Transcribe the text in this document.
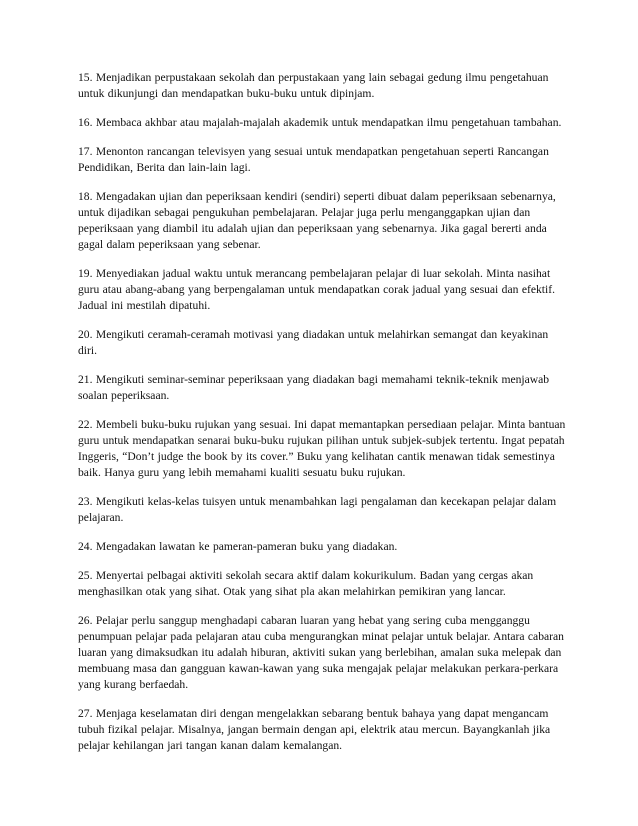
15. Menjadikan perpustakaan sekolah dan perpustakaan yang lain sebagai gedung ilmu pengetahuan untuk dikunjungi dan mendapatkan buku-buku untuk dipinjam.

16. Membaca akhbar atau majalah-majalah akademik untuk mendapatkan ilmu pengetahuan tambahan.

17. Menonton rancangan televisyen yang sesuai untuk mendapatkan pengetahuan seperti Rancangan Pendidikan, Berita dan lain-lain lagi.

18. Mengadakan ujian dan peperiksaan kendiri (sendiri) seperti dibuat dalam peperiksaan sebenarnya, untuk dijadikan sebagai pengukuhan pembelajaran. Pelajar juga perlu menganggapkan ujian dan peperiksaan yang diambil itu adalah ujian dan peperiksaan yang sebenarnya. Jika gagal bererti anda gagal dalam peperiksaan yang sebenar.

19. Menyediakan jadual waktu untuk merancang pembelajaran pelajar di luar sekolah. Minta nasihat guru atau abang-abang yang berpengalaman untuk mendapatkan corak jadual yang sesuai dan efektif. Jadual ini mestilah dipatuhi.

20. Mengikuti ceramah-ceramah motivasi yang diadakan untuk melahirkan semangat dan keyakinan diri.

21. Mengikuti seminar-seminar peperiksaan yang diadakan bagi memahami teknik-teknik menjawab soalan peperiksaan.

22. Membeli buku-buku rujukan yang sesuai. Ini dapat memantapkan persediaan pelajar. Minta bantuan guru untuk mendapatkan senarai buku-buku rujukan pilihan untuk subjek-subjek tertentu. Ingat pepatah Inggeris, “Don’t judge the book by its cover.” Buku yang kelihatan cantik menawan tidak semestinya baik. Hanya guru yang lebih memahami kualiti sesuatu buku rujukan.

23. Mengikuti kelas-kelas tuisyen untuk menambahkan lagi pengalaman dan kecekapan pelajar dalam pelajaran.

24. Mengadakan lawatan ke pameran-pameran buku yang diadakan.

25. Menyertai pelbagai aktiviti sekolah secara aktif dalam kokurikulum. Badan yang cergas akan menghasilkan otak yang sihat. Otak yang sihat pla akan melahirkan pemikiran yang lancar.

26. Pelajar perlu sanggup menghadapi cabaran luaran yang hebat yang sering cuba mengganggu penumpuan pelajar pada pelajaran atau cuba mengurangkan minat pelajar untuk belajar. Antara cabaran luaran yang dimaksudkan itu adalah hiburan, aktiviti sukan yang berlebihan, amalan suka melepak dan membuang masa dan gangguan kawan-kawan yang suka mengajak pelajar melakukan perkara-perkara yang kurang berfaedah.

27. Menjaga keselamatan diri dengan mengelakkan sebarang bentuk bahaya yang dapat mengancam tubuh fizikal pelajar. Misalnya, jangan bermain dengan api, elektrik atau mercun. Bayangkanlah jika pelajar kehilangan jari tangan kanan dalam kemalangan.
